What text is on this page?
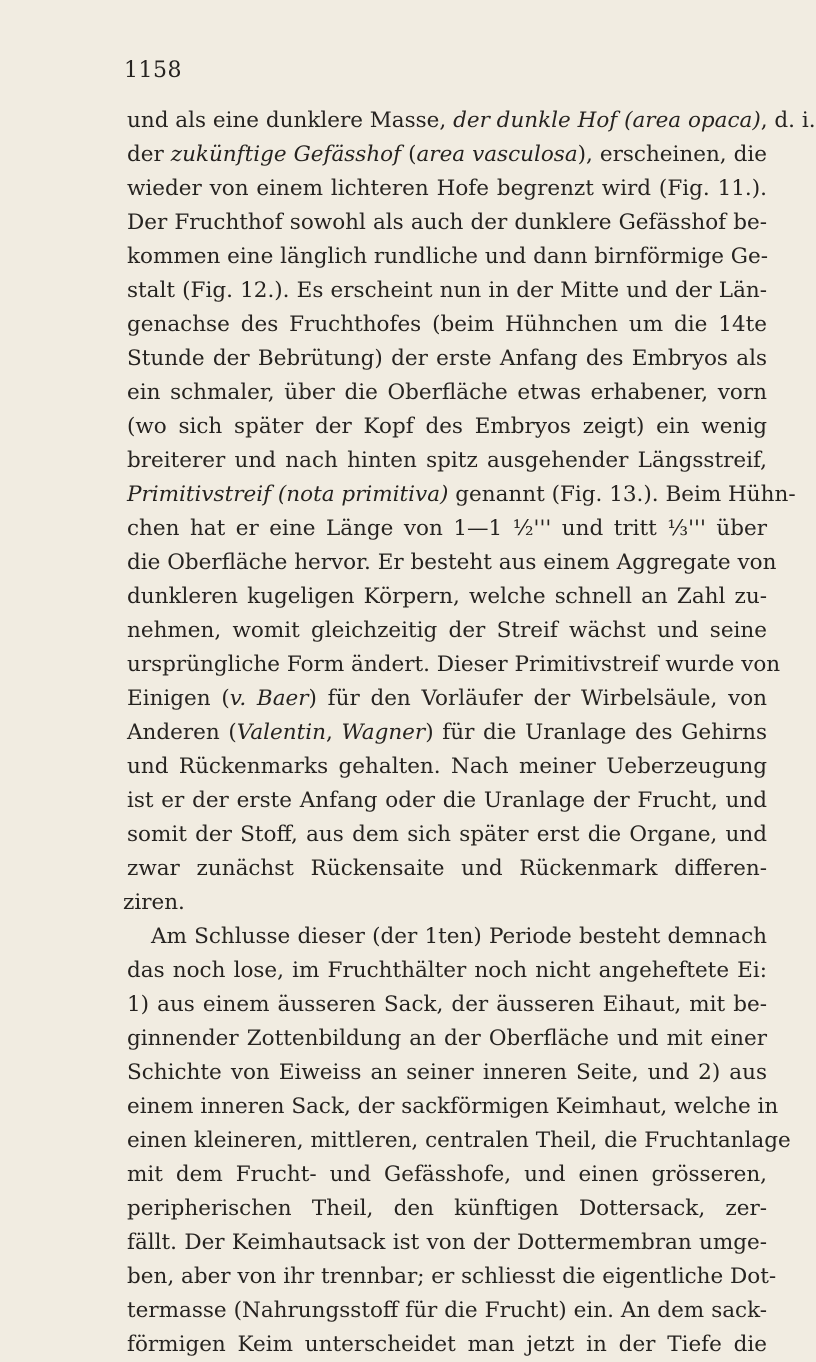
1158
und als eine dunklere Masse, der dunkle Hof (area opaca), d. i.
der zukünftige Gefässhof (area vasculosa), erscheinen, die
wieder von einem lichteren Hofe begrenzt wird (Fig. 11.).
Der Fruchthof sowohl als auch der dunklere Gefässhof be-
kommen eine länglich rundliche und dann birnförmige Ge-
stalt (Fig. 12.). Es erscheint nun in der Mitte und der Län-
genachse des Fruchthofes (beim Hühnchen um die 14te
Stunde der Bebrütung) der erste Anfang des Embryos als
ein schmaler, über die Oberfläche etwas erhabener, vorn
(wo sich später der Kopf des Embryos zeigt) ein wenig
breiterer und nach hinten spitz ausgehender Längsstreif,
Primitivstreif (nota primitiva) genannt (Fig. 13.). Beim Hühn-
chen hat er eine Länge von 1—1 ½''' und tritt ⅓''' über
die Oberfläche hervor. Er besteht aus einem Aggregate von
dunkleren kugeligen Körpern, welche schnell an Zahl zu-
nehmen, womit gleichzeitig der Streif wächst und seine
ursprüngliche Form ändert. Dieser Primitivstreif wurde von
Einigen (v. Baer) für den Vorläufer der Wirbelsäule, von
Anderen (Valentin, Wagner) für die Uranlage des Gehirns
und Rückenmarks gehalten. Nach meiner Ueberzeugung
ist er der erste Anfang oder die Uranlage der Frucht, und
somit der Stoff, aus dem sich später erst die Organe, und
zwar zunächst Rückensaite und Rückenmark differen-
ziren.
Am Schlusse dieser (der 1ten) Periode besteht demnach
das noch lose, im Fruchthälter noch nicht angeheftete Ei:
1) aus einem äusseren Sack, der äusseren Eihaut, mit be-
ginnender Zottenbildung an der Oberfläche und mit einer
Schichte von Eiweiss an seiner inneren Seite, und 2) aus
einem inneren Sack, der sackförmigen Keimhaut, welche in
einen kleineren, mittleren, centralen Theil, die Fruchtanlage
mit dem Frucht- und Gefässhofe, und einen grösseren,
peripherischen Theil, den künftigen Dottersack, zer-
fällt. Der Keimhautsack ist von der Dottermembran umge-
ben, aber von ihr trennbar; er schliesst die eigentliche Dot-
termasse (Nahrungsstoff für die Frucht) ein. An dem sack-
förmigen Keim unterscheidet man jetzt in der Tiefe die
